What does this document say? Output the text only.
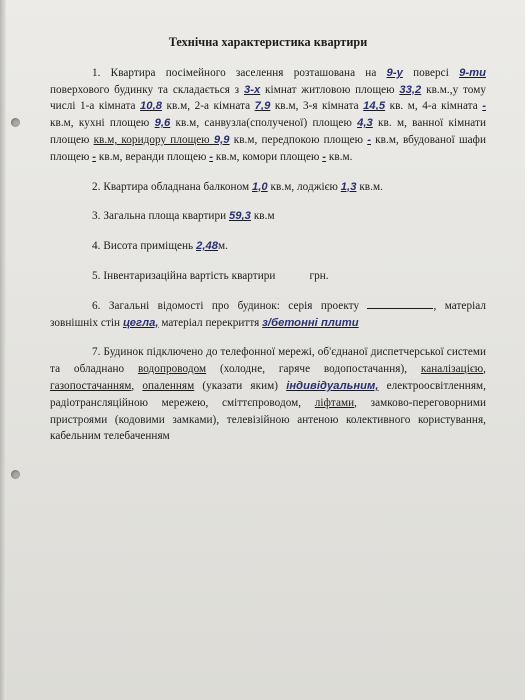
Технічна характеристика квартири
1. Квартира посімейного заселення розташована на 9-у поверсі 9-ти поверхового будинку та складається з 3-х кімнат житловою площею 33,2 кв.м.,у тому числі 1-а кімната 10,8 кв.м, 2-а кімната 7,9 кв.м, 3-я кімната 14,5 кв. м, 4-а кімната - кв.м, кухні площею 9,6 кв.м, санвузла(сполученої) площею 4,3 кв. м, ванної кімнати площею кв.м, коридору площею 9,9 кв.м, передпокою площею - кв.м, вбудованої шафи площею - кв.м, веранди площею - кв.м, комори площею - кв.м.
2. Квартира обладнана балконом 1,0 кв.м, лоджією 1,3 кв.м.
3. Загальна площа квартири 59,3 кв.м
4. Висота приміщень 2,48м.
5. Інвентаризаційна вартість квартири	грн.
6. Загальні відомості про будинок: серія проекту	, матеріал зовнішніх стін цегла, матеріал перекриття з/бетонні плити
7. Будинок підключено до телефонної мережі, об'єднаної диспетчерської системи та обладнано водопроводом (холодне, гаряче водопостачання), каналізацією, газопостачанням, опаленням (указати яким) індивідуальним, електроосвітленням, радіотрансляційною мережею, сміттєпроводом, ліфтами, замково-переговорними пристроями (кодовими замками), телевізійною антеною колективного користування, кабельним телебаченням
